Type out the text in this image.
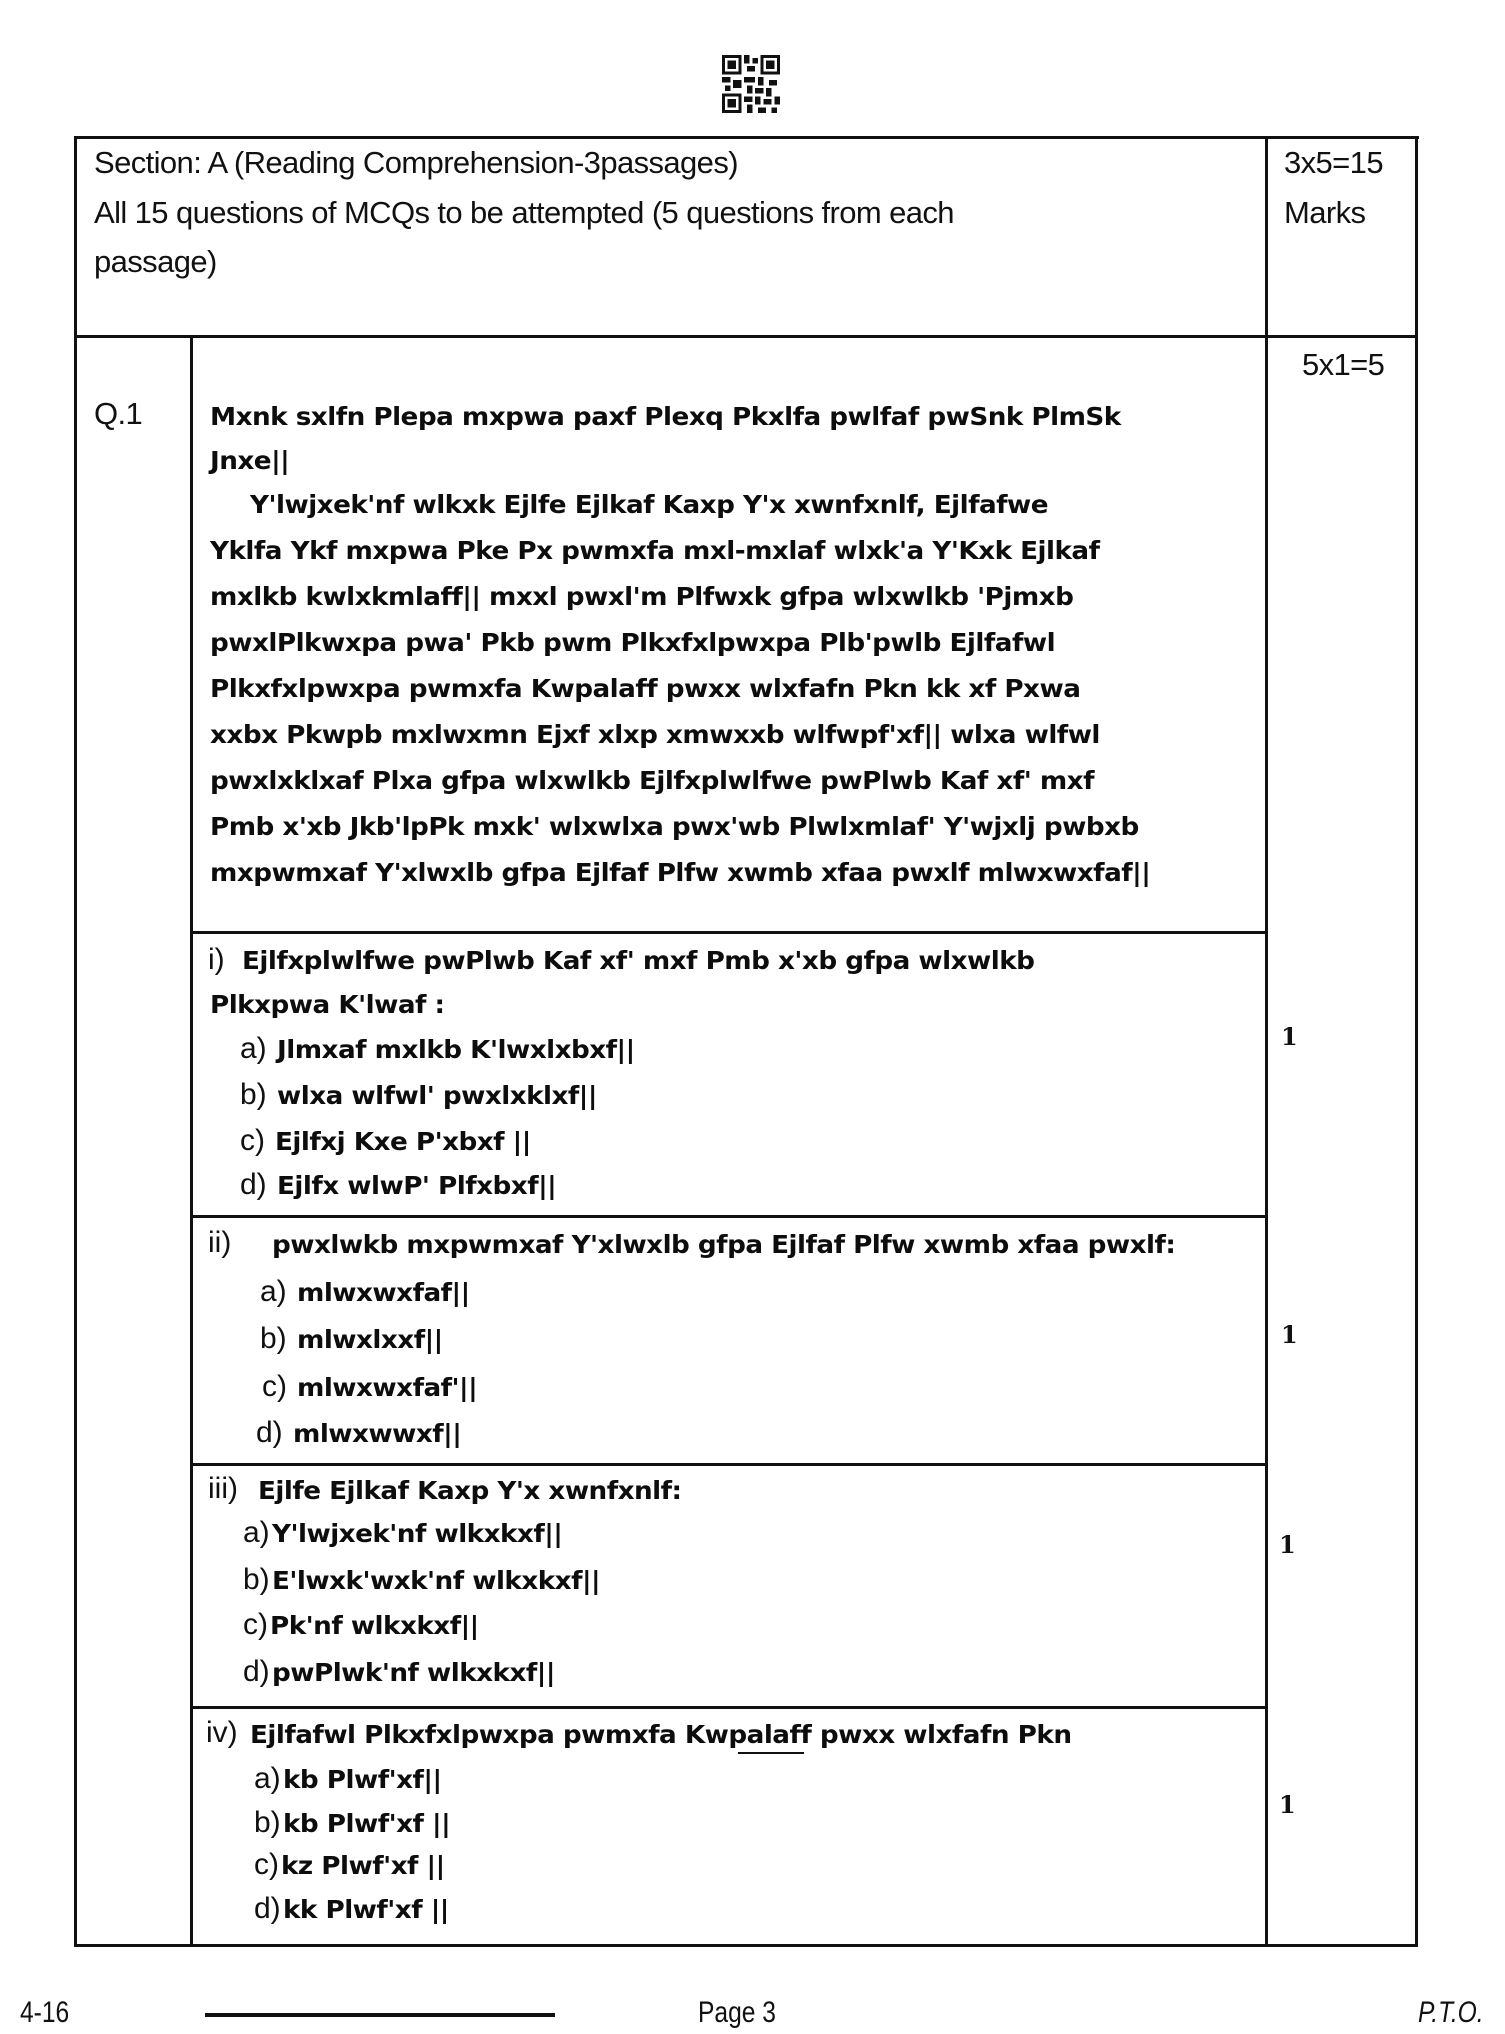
Section: A (Reading Comprehension-3passages)
All 15 questions of MCQs to be attempted (5 questions from each
passage)
3x5=15
Marks
Q.1
5x1=5
Mxnk sxlfn Plepa mxpwa paxf Plexq Pkxlfa pwlfaf pwSnk PlmSk
Jnxe||
Y'lwjxek'nf wlkxk Ejlfe Ejlkaf Kaxp Y'x xwnfxnlf, Ejlfafwe
Yklfa Ykf mxpwa Pke Px pwmxfa mxl-mxlaf wlxk'a Y'Kxk Ejlkaf
mxlkb kwlxkmlaff|| mxxl pwxl'm Plfwxk gfpa wlxwlkb 'Pjmxb
pwxlPlkwxpa pwa' Pkb pwm Plkxfxlpwxpa Plb'pwlb Ejlfafwl
Plkxfxlpwxpa pwmxfa Kwpalaff pwxx wlxfafn Pkn kk xf Pxwa
xxbx Pkwpb mxlwxmn Ejxf xlxp xmwxxb wlfwpf'xf|| wlxa wlfwl
pwxlxklxaf Plxa gfpa wlxwlkb Ejlfxplwlfwe pwPlwb Kaf xf' mxf
Pmb x'xb Jkb'lpPk mxk' wlxwlxa pwx'wb Plwlxmlaf' Y'wjxlj pwbxb
mxpwmxaf Y'xlwxlb gfpa Ejlfaf Plfw xwmb xfaa pwxlf mlwxwxfaf||
i) Ejlfxplwlfwe pwPlwb Kaf xf' mxf Pmb x'xb gfpa wlxwlkb
Plkxpwa K'lwaf :
a) Jlmxaf mxlkb K'lwxlxbxf||
b) wlxa wlfwl' pwxlxklxf||
c) Ejlfxj Kxe P'xbxf ||
d) Ejlfx wlwP' Plfxbxf||
1
ii) pwxlwkb mxpwmxaf Y'xlwxlb gfpa Ejlfaf Plfw xwmb xfaa pwxlf:
a) mlwxwxfaf||
b) mlwxlxxf||
c) mlwxwxfaf'||
d) mlwxwwxf||
1
iii) Ejlfe Ejlkaf Kaxp Y'x xwnfxnlf:
a) Y'lwjxek'nf wlkxkxf||
b) E'lwxk'wxk'nf wlkxkxf||
c) Pk'nf wlkxkxf||
d) pwPlwk'nf wlkxkxf||
1
iv) Ejlfafwl Plkxfxlpwxpa pwmxfa Kwpalaff pwxx wlxfafn Pkn
a) kb Plwf'xf||
b) kb Plwf'xf ||
c) kz Plwf'xf ||
d) kk Plwf'xf ||
1
4-16	Page 3	P.T.O.
